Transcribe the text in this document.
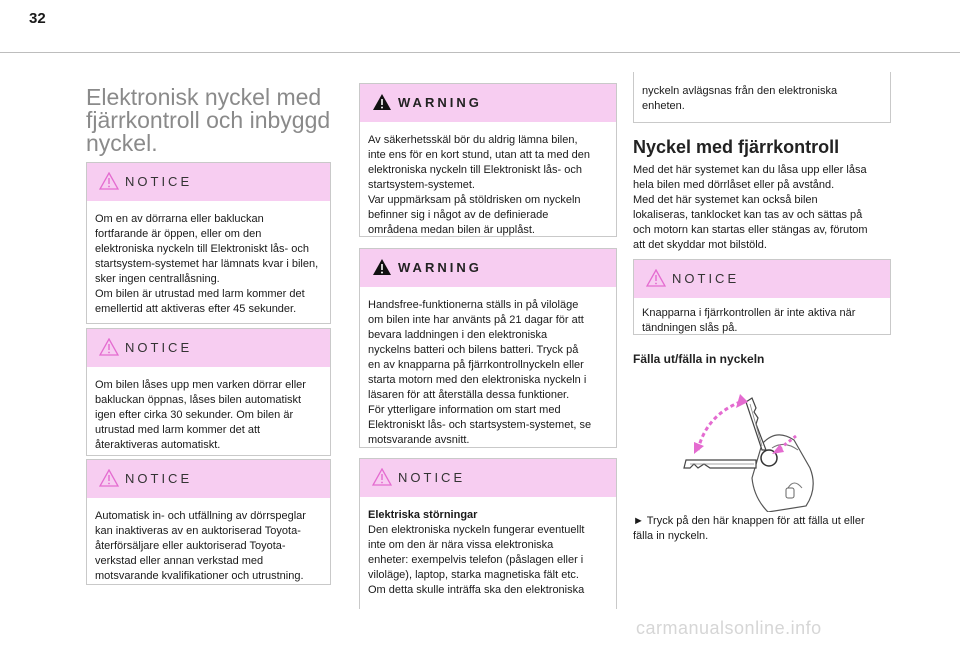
32
Elektronisk nyckel med fjärrkontroll och inbyggd nyckel.
NOTICE
Om en av dörrarna eller bakluckan
fortfarande är öppen, eller om den
elektroniska nyckeln till Elektroniskt lås- och
startsystem-systemet har lämnats kvar i bilen,
sker ingen centrallåsning.
Om bilen är utrustad med larm kommer det
emellertid att aktiveras efter 45 sekunder.
NOTICE
Om bilen låses upp men varken dörrar eller
bakluckan öppnas, låses bilen automatiskt
igen efter cirka 30 sekunder. Om bilen är
utrustad med larm kommer det att
återaktiveras automatiskt.
NOTICE
Automatisk in- och utfällning av dörrspeglar
kan inaktiveras av en auktoriserad Toyota-
återförsäljare eller auktoriserad Toyota-
verkstad eller annan verkstad med
motsvarande kvalifikationer och utrustning.
WARNING
Av säkerhetsskäl bör du aldrig lämna bilen,
inte ens för en kort stund, utan att ta med den
elektroniska nyckeln till Elektroniskt lås- och
startsystem-systemet.
Var uppmärksam på stöldrisken om nyckeln
befinner sig i något av de definierade
områdena medan bilen är upplåst.
WARNING
Handsfree-funktionerna ställs in på viloläge
om bilen inte har använts på 21 dagar för att
bevara laddningen i den elektroniska
nyckelns batteri och bilens batteri. Tryck på
en av knapparna på fjärrkontrollnyckeln eller
starta motorn med den elektroniska nyckeln i
läsaren för att återställa dessa funktioner.
För ytterligare information om start med
Elektroniskt lås- och startsystem-systemet, se
motsvarande avsnitt.
NOTICE
Elektriska störningar
Den elektroniska nyckeln fungerar eventuellt
inte om den är nära vissa elektroniska
enheter: exempelvis telefon (påslagen eller i
viloläge), laptop, starka magnetiska fält etc.
Om detta skulle inträffa ska den elektroniska
nyckeln avlägsnas från den elektroniska
enheten.
Nyckel med fjärrkontroll
Med det här systemet kan du låsa upp eller låsa
hela bilen med dörrlåset eller på avstånd.
Med det här systemet kan också bilen
lokaliseras, tanklocket kan tas av och sättas på
och motorn kan startas eller stängas av, förutom
att det skyddar mot bilstöld.
NOTICE
Knapparna i fjärrkontrollen är inte aktiva när
tändningen slås på.
Fälla ut/fälla in nyckeln
► Tryck på den här knappen för att fälla ut eller
fälla in nyckeln.
carmanualsonline.info
